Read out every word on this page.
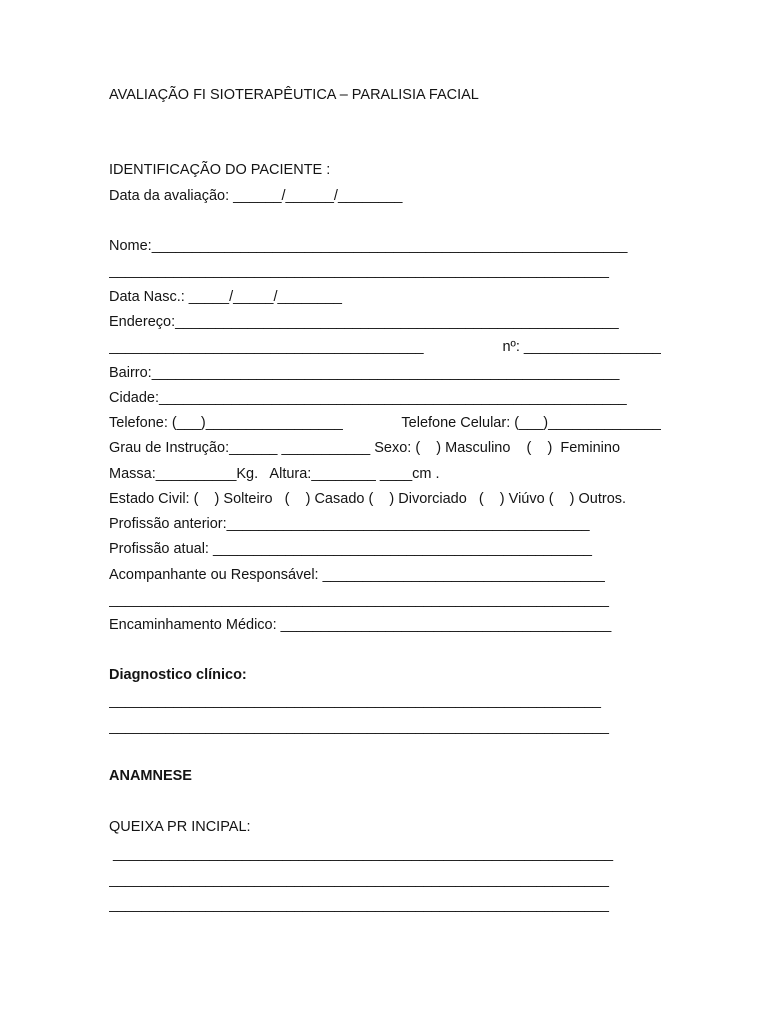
AVALIAÇÃO FI SIOTERAPÊUTICA – PARALISIA FACIAL
IDENTIFICAÇÃO DO PACIENTE :
Data da avaliação: ______/______/________
Nome:___________________________________________________________
______________________________________________________________
Data Nasc.: _____/_____/________
Endereço:_______________________________________________________
_______________________________________	nº: _________________
Bairro:__________________________________________________________
Cidade:__________________________________________________________
Telefone: (___)_________________	Telefone Celular: (___)______________
Grau de Instrução:______ ___________ Sexo: (    ) Masculino    (    )  Feminino
Massa:__________Kg.   Altura:________ ____cm .
Estado Civil: (    ) Solteiro   (    ) Casado (    ) Divorciado   (    ) Viúvo (    ) Outros.
Profissão anterior:_____________________________________________
Profissão atual: _______________________________________________
Acompanhante ou Responsável: ___________________________________
______________________________________________________________
Encaminhamento Médico: _________________________________________
Diagnostico clínico:
_____________________________________________________________
______________________________________________________________
ANAMNESE
QUEIXA PR INCIPAL:
______________________________________________________________
______________________________________________________________
______________________________________________________________
